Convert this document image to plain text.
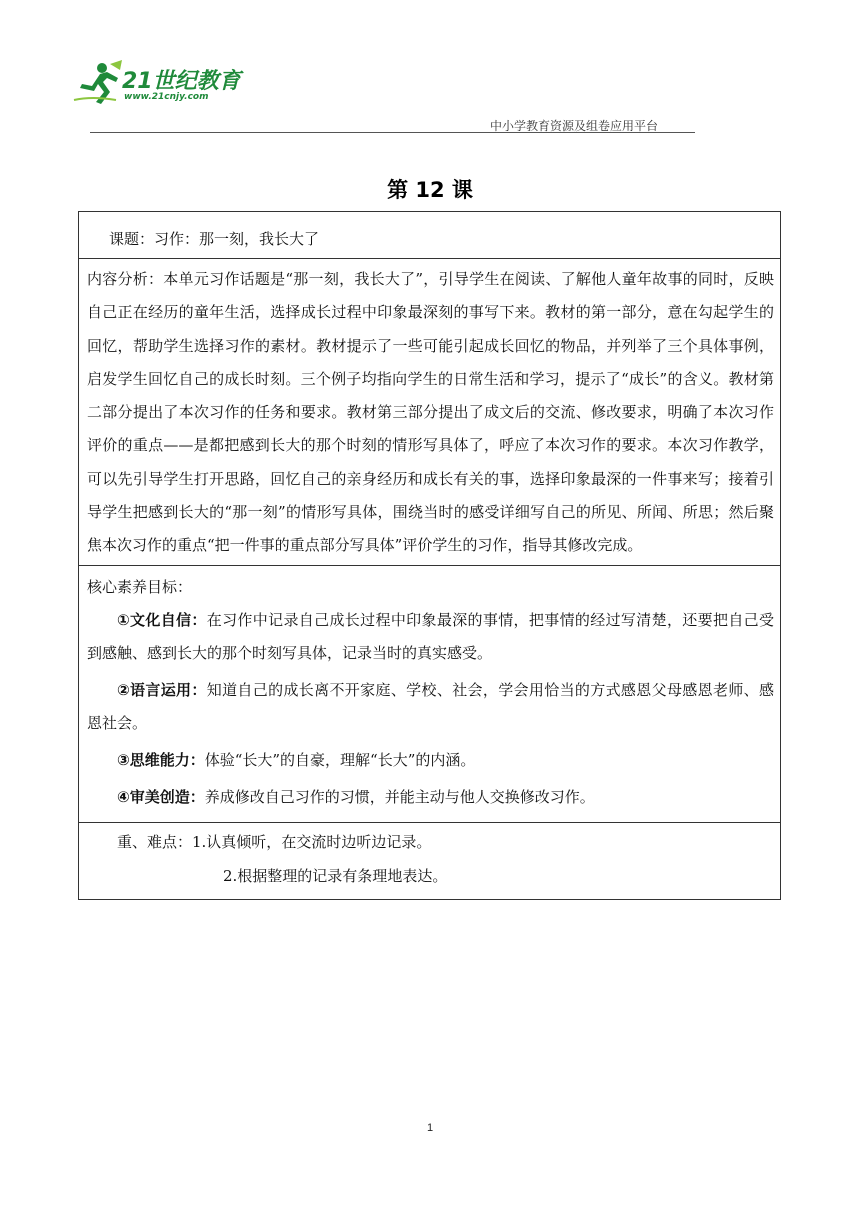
21世纪教育
www.21cnjy.com
中小学教育资源及组卷应用平台
第 12 课
课题：习作：那一刻，我长大了
内容分析：本单元习作话题是“那一刻，我长大了”，引导学生在阅读、了解他人童年故事的同时，反映自己正在经历的童年生活，选择成长过程中印象最深刻的事写下来。教材的第一部分，意在勾起学生的回忆，帮助学生选择习作的素材。教材提示了一些可能引起成长回忆的物品，并列举了三个具体事例，启发学生回忆自己的成长时刻。三个例子均指向学生的日常生活和学习，提示了“成长”的含义。教材第二部分提出了本次习作的任务和要求。教材第三部分提出了成文后的交流、修改要求，明确了本次习作评价的重点——是都把感到长大的那个时刻的情形写具体了，呼应了本次习作的要求。本次习作教学，可以先引导学生打开思路，回忆自己的亲身经历和成长有关的事，选择印象最深的一件事来写；接着引导学生把感到长大的“那一刻”的情形写具体，围绕当时的感受详细写自己的所见、所闻、所思；然后聚焦本次习作的重点“把一件事的重点部分写具体”评价学生的习作，指导其修改完成。
核心素养目标：
①文化自信：在习作中记录自己成长过程中印象最深的事情，把事情的经过写清楚，还要把自己受到感触、感到长大的那个时刻写具体，记录当时的真实感受。
②语言运用：知道自己的成长离不开家庭、学校、社会，学会用恰当的方式感恩父母感恩老师、感恩社会。
③思维能力：体验“长大”的自豪，理解“长大”的内涵。
④审美创造：养成修改自己习作的习惯，并能主动与他人交换修改习作。
重、难点：1.认真倾听，在交流时边听边记录。
2.根据整理的记录有条理地表达。
1
